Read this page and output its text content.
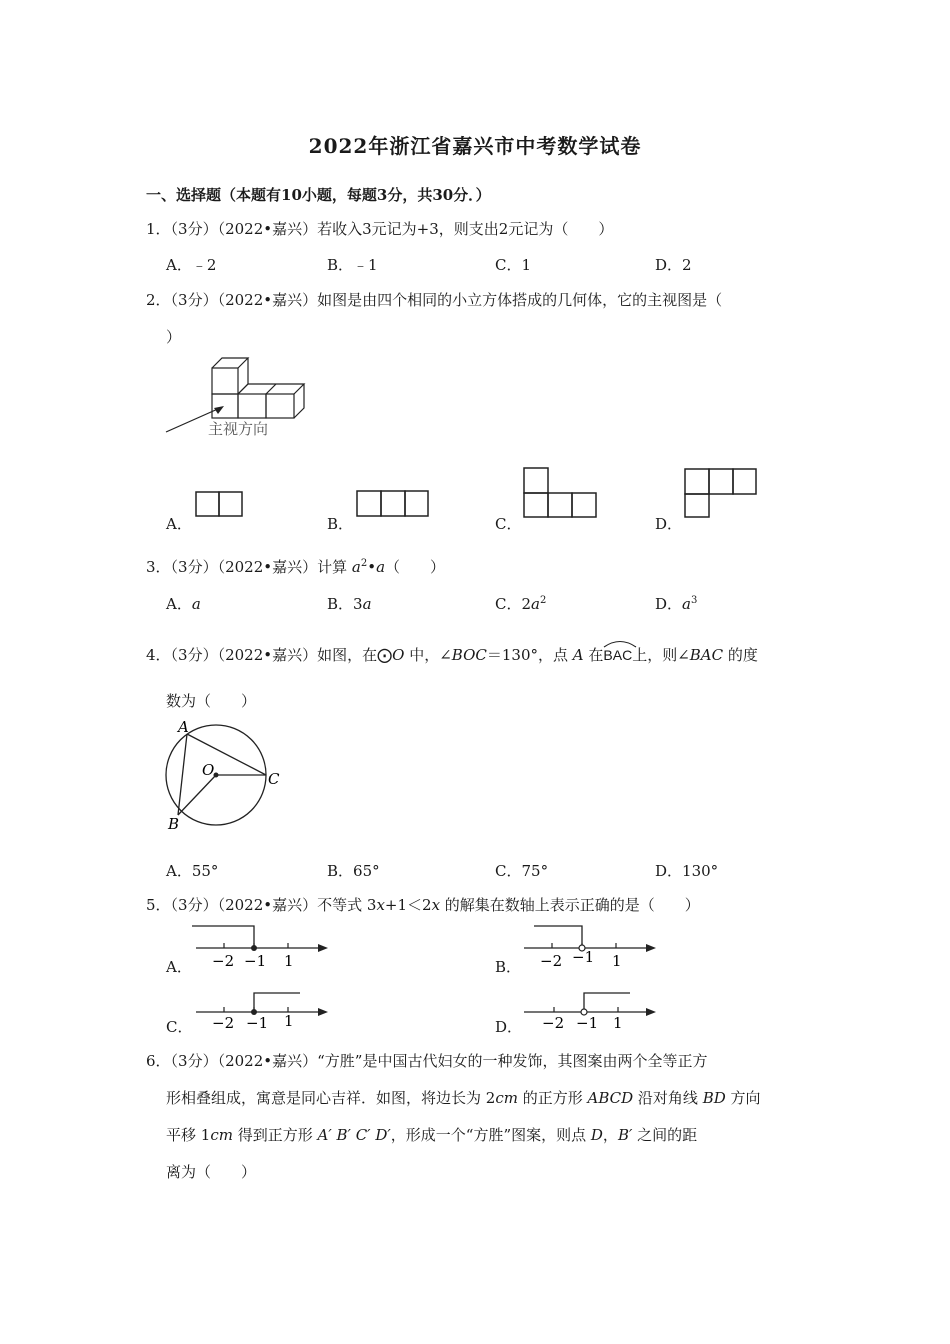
2022年浙江省嘉兴市中考数学试卷
一、选择题（本题有10小题，每题3分，共30分．）
1．（3分）（2022•嘉兴）若收入3元记为+3，则支出2元记为（　　）
A．﹣2	B．﹣1	C．1	D．2
2．（3分）（2022•嘉兴）如图是由四个相同的小立方体搭成的几何体，它的主视图是（
）
主视方向
A．	B．	C．	D．
3．（3分）（2022•嘉兴）计算 $a^2•a$（　　）
A．a	B．3a	C．$2a^2$	D．$a^3$
4．（3分）（2022•嘉兴）如图，在⨀O 中，∠BOC＝130°，点 A 在
BAC上，则∠BAC 的度
数为（　　）
A
O
B
C
A．55°	B．65°	C．75°	D．130°
5．（3分）（2022•嘉兴）不等式 3x+1＜2x 的解集在数轴上表示正确的是（　　）
A． −2 −1 1	B． −2 −1 1
C． −2 −1 1	D． −2 −1 1
6．（3分）（2022•嘉兴）“方胜”是中国古代妇女的一种发饰，其图案由两个全等正方
形相叠组成，寓意是同心吉祥．如图，将边长为 2cm 的正方形 ABCD 沿对角线 BD 方向
平移 1cm 得到正方形 A′ B′ C′ D′，形成一个“方胜”图案，则点 D，B′ 之间的距
离为（　　）
